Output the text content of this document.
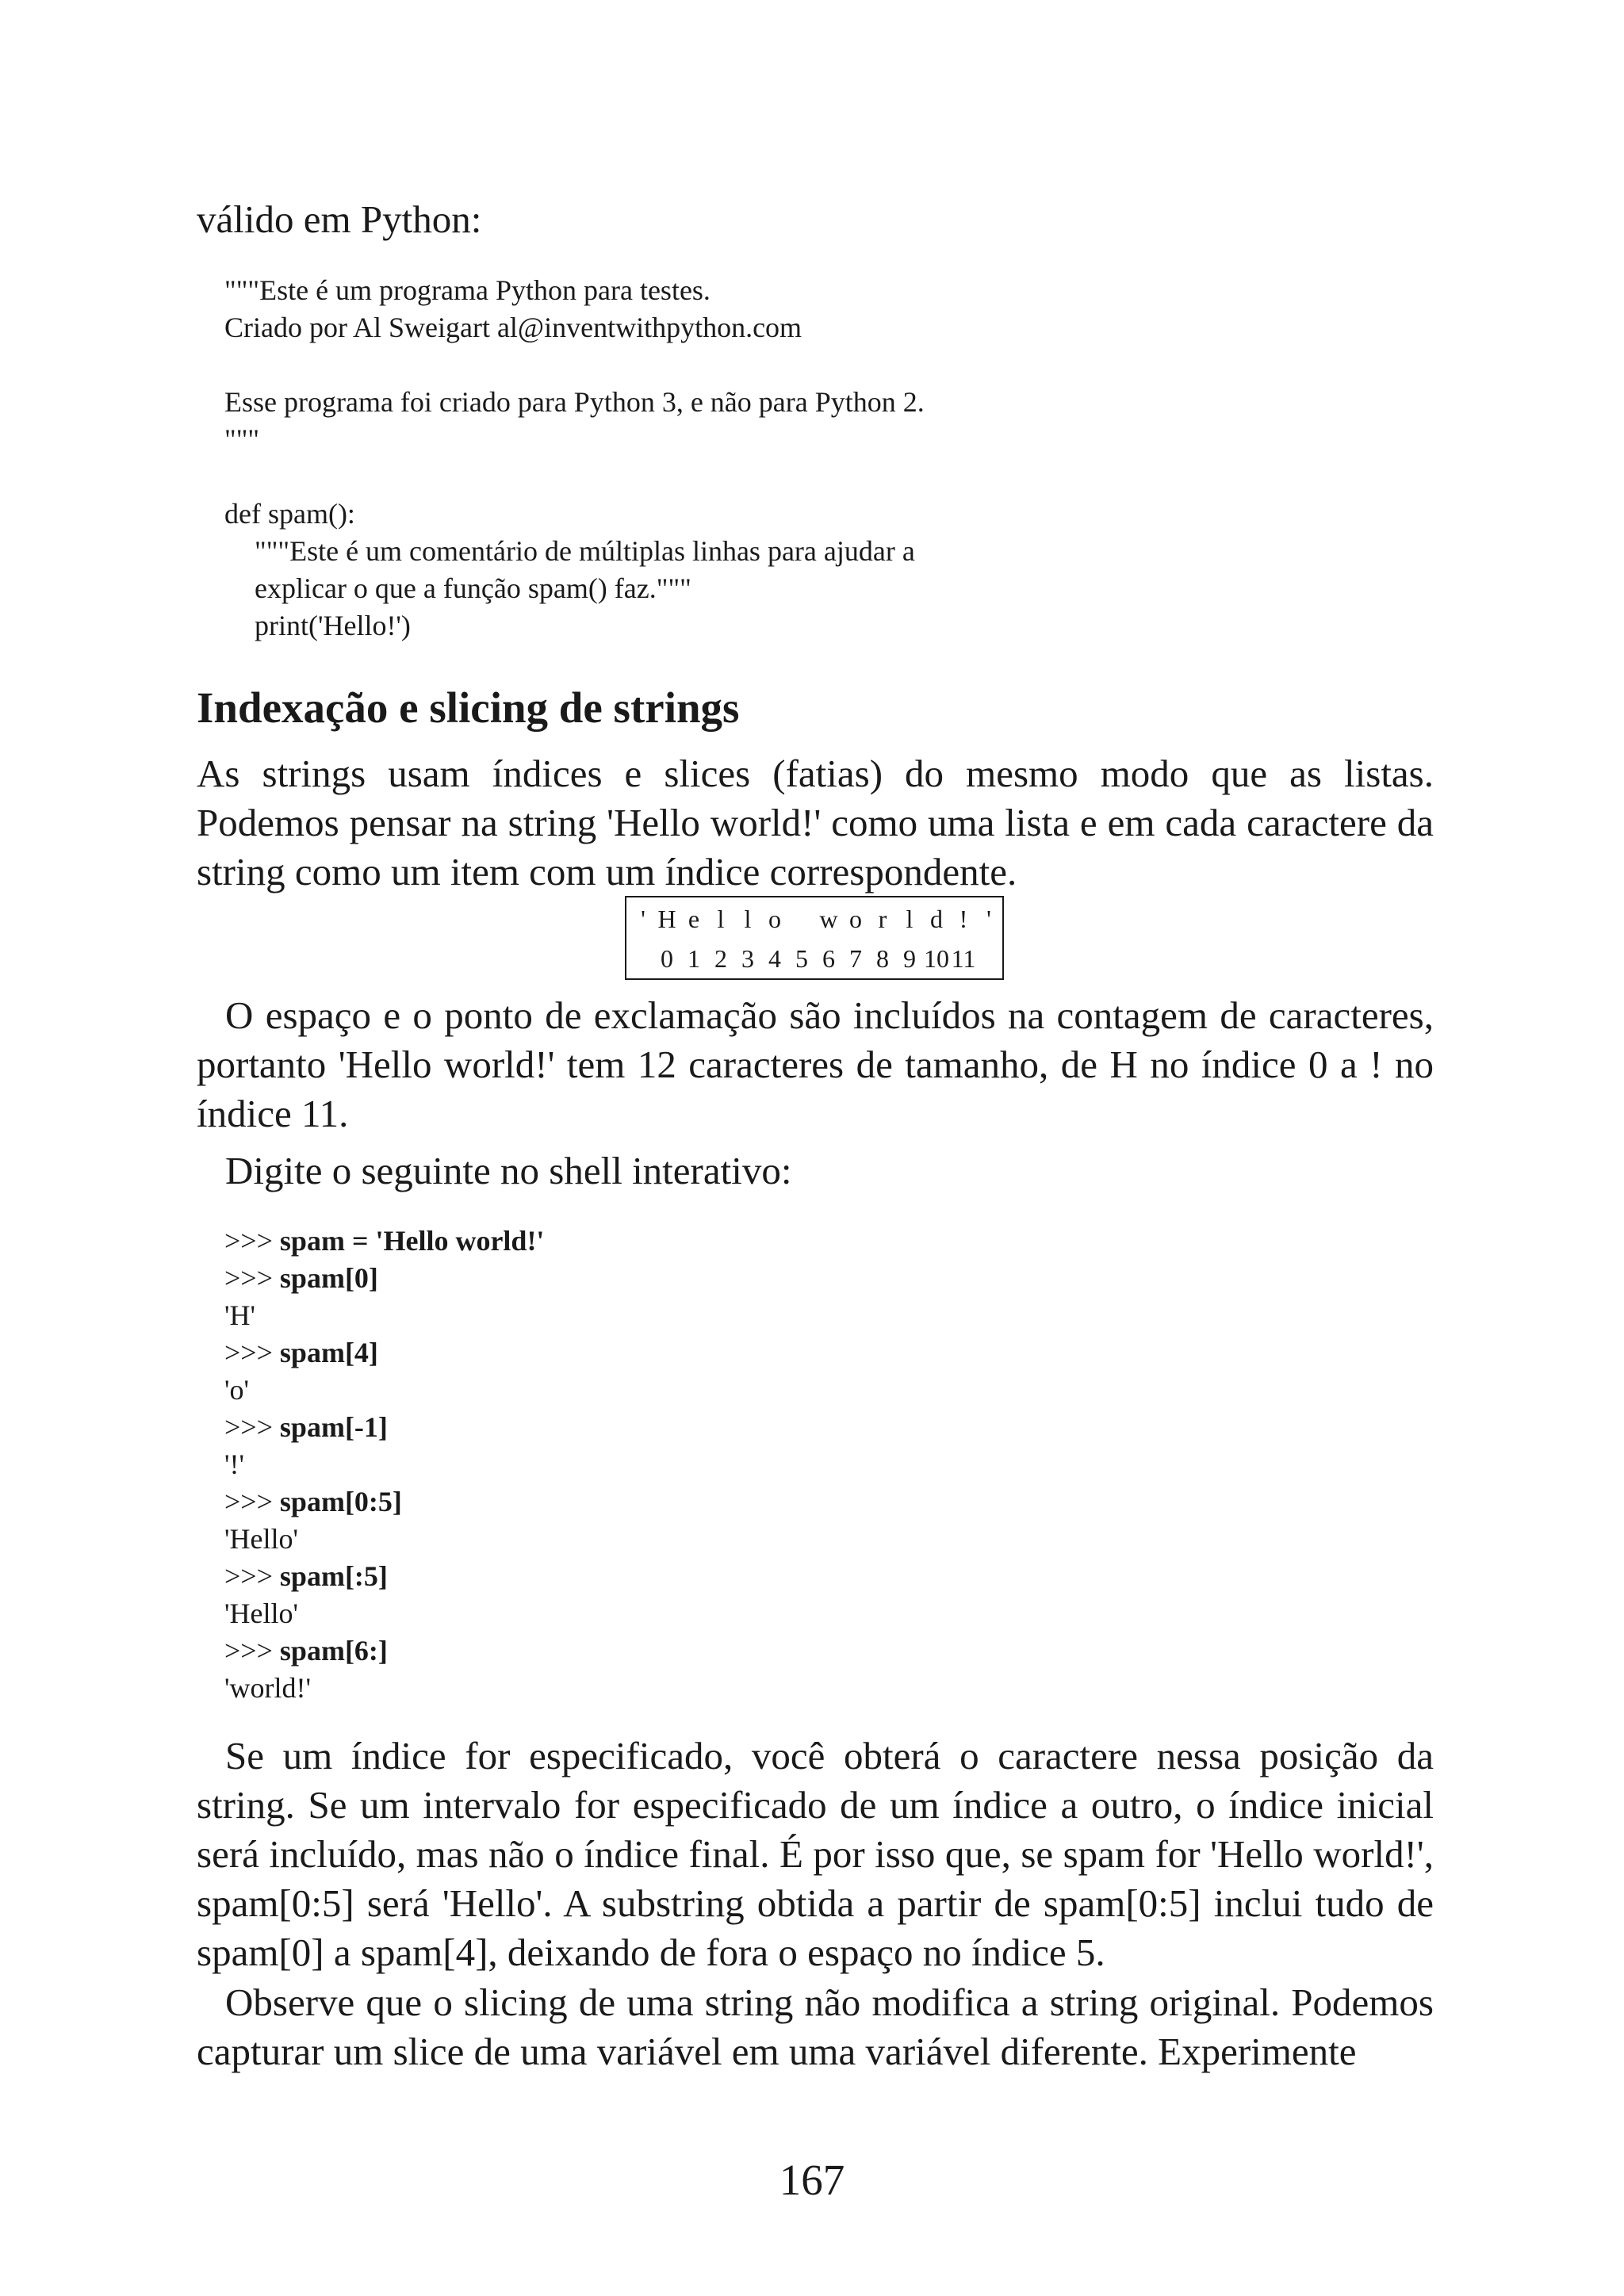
válido em Python:

"""Este é um programa Python para testes.
Criado por Al Sweigart al@inventwithpython.com
Esse programa foi criado para Python 3, e não para Python 2.
"""
def spam():
"""Este é um comentário de múltiplas linhas para ajudar a
explicar o que a função spam() faz."""
print('Hello!')
Indexação e slicing de strings

As strings usam índices e slices (fatias) do mesmo modo que as listas. Podemos pensar na string 'Hello world!' como uma lista e em cada caractere da string como um item com um índice correspondente.

' H e l l o w o r l d ! '
0 1 2 3 4 5 6 7 8 9 10 11

O espaço e o ponto de exclamação são incluídos na contagem de caracteres, portanto 'Hello world!' tem 12 caracteres de tamanho, de H no índice 0 a ! no índice 11.

Digite o seguinte no shell interativo:

>>> spam = 'Hello world!'
>>> spam[0]
'H'
>>> spam[4]
'o'
>>> spam[-1]
'!'
>>> spam[0:5]
'Hello'
>>> spam[:5]
'Hello'
>>> spam[6:]
'world!'

Se um índice for especificado, você obterá o caractere nessa posição da string. Se um intervalo for especificado de um índice a outro, o índice inicial será incluído, mas não o índice final. É por isso que, se spam for 'Hello world!', spam[0:5] será 'Hello'. A substring obtida a partir de spam[0:5] inclui tudo de spam[0] a spam[4], deixando de fora o espaço no índice 5.

Observe que o slicing de uma string não modifica a string original. Podemos capturar um slice de uma variável em uma variável diferente. Experimente

167
